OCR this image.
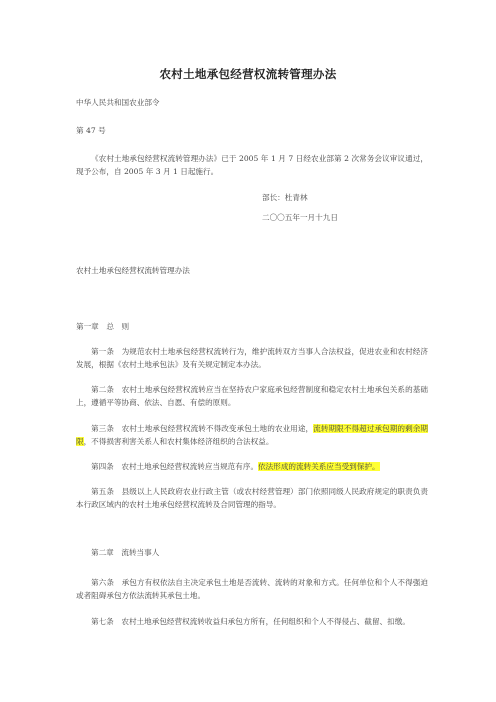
农村土地承包经营权流转管理办法
中华人民共和国农业部令
第 47 号
《农村土地承包经营权流转管理办法》已于 2005 年 1 月 7 日经农业部第 2 次常务会议审议通过，现予公布，自 2005 年 3 月 1 日起施行。
部长：杜青林
二〇〇五年一月十九日
农村土地承包经营权流转管理办法
第一章　总　则
第一条　为规范农村土地承包经营权流转行为，维护流转双方当事人合法权益，促进农业和农村经济发展，根据《农村土地承包法》及有关规定制定本办法。
第二条　农村土地承包经营权流转应当在坚持农户家庭承包经营制度和稳定农村土地承包关系的基础上，遵循平等协商、依法、自愿、有偿的原则。
第三条　农村土地承包经营权流转不得改变承包土地的农业用途，流转期限不得超过承包期的剩余期限，不得损害利害关系人和农村集体经济组织的合法权益。
第四条　农村土地承包经营权流转应当规范有序。依法形成的流转关系应当受到保护。
第五条　县级以上人民政府农业行政主管（或农村经营管理）部门依照同级人民政府规定的职责负责本行政区域内的农村土地承包经营权流转及合同管理的指导。
第二章　流转当事人
第六条　承包方有权依法自主决定承包土地是否流转、流转的对象和方式。任何单位和个人不得强迫或者阻碍承包方依法流转其承包土地。
第七条　农村土地承包经营权流转收益归承包方所有，任何组织和个人不得侵占、截留、扣缴。
